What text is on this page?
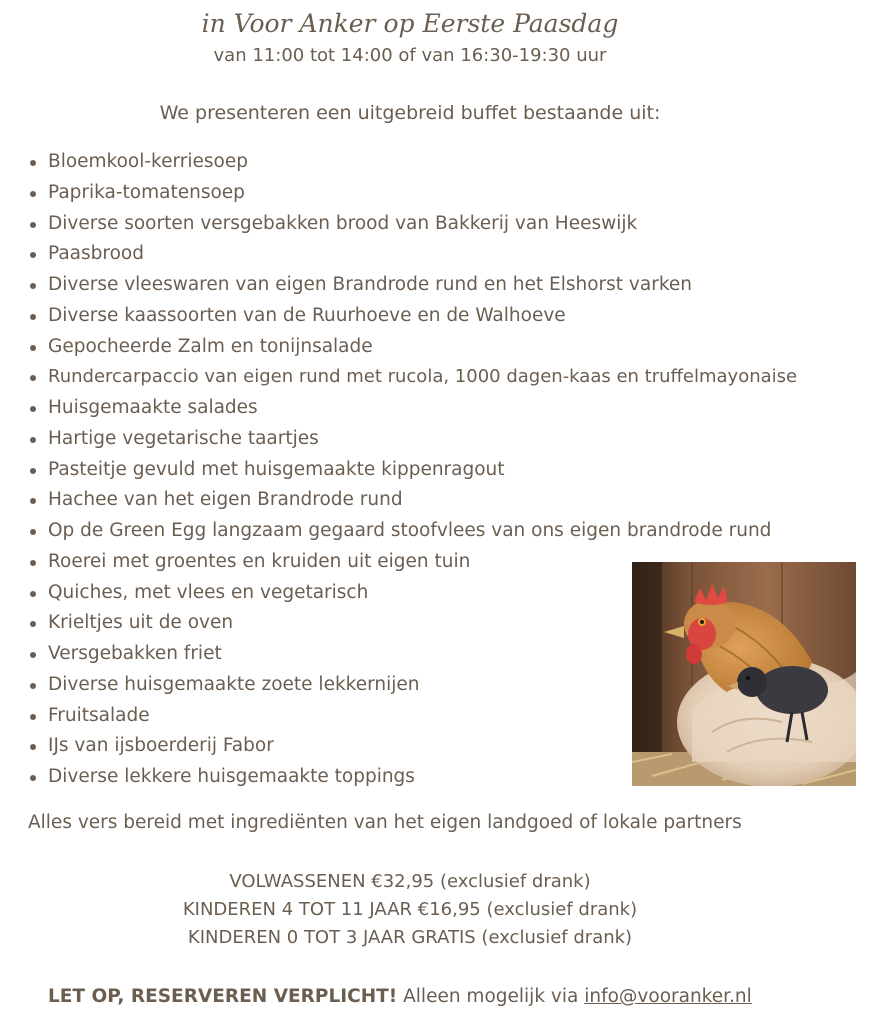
in Voor Anker op Eerste Paasdag
van 11:00 tot 14:00 of van 16:30-19:30 uur
We presenteren een uitgebreid buffet bestaande uit:
Bloemkool-kerriesoep
Paprika-tomatensoep
Diverse soorten versgebakken brood van Bakkerij van Heeswijk
Paasbrood
Diverse vleeswaren van eigen Brandrode rund en het Elshorst varken
Diverse kaassoorten van de Ruurhoeve en de Walhoeve
Gepocheerde Zalm en tonijnsalade
Rundercarpaccio van eigen rund met rucola, 1000 dagen-kaas en truffelmayonaise
Huisgemaakte salades
Hartige vegetarische taartjes
Pasteitje gevuld met huisgemaakte kippenragout
Hachee van het eigen Brandrode rund
Op de Green Egg langzaam gegaard stoofvlees van ons eigen brandrode rund
Roerei met groentes en kruiden uit eigen tuin
Quiches, met vlees en vegetarisch
Krieltjes uit de oven
Versgebakken friet
Diverse huisgemaakte zoete lekkernijen
Fruitsalade
IJs van ijsboerderij Fabor
Diverse lekkere huisgemaakte toppings
Alles vers bereid met ingrediënten van het eigen landgoed of lokale partners
VOLWASSENEN €32,95 (exclusief drank)
KINDEREN 4 TOT 11 JAAR €16,95 (exclusief drank)
KINDEREN 0 TOT 3 JAAR GRATIS (exclusief drank)
LET OP, RESERVEREN VERPLICHT! Alleen mogelijk via info@vooranker.nl
